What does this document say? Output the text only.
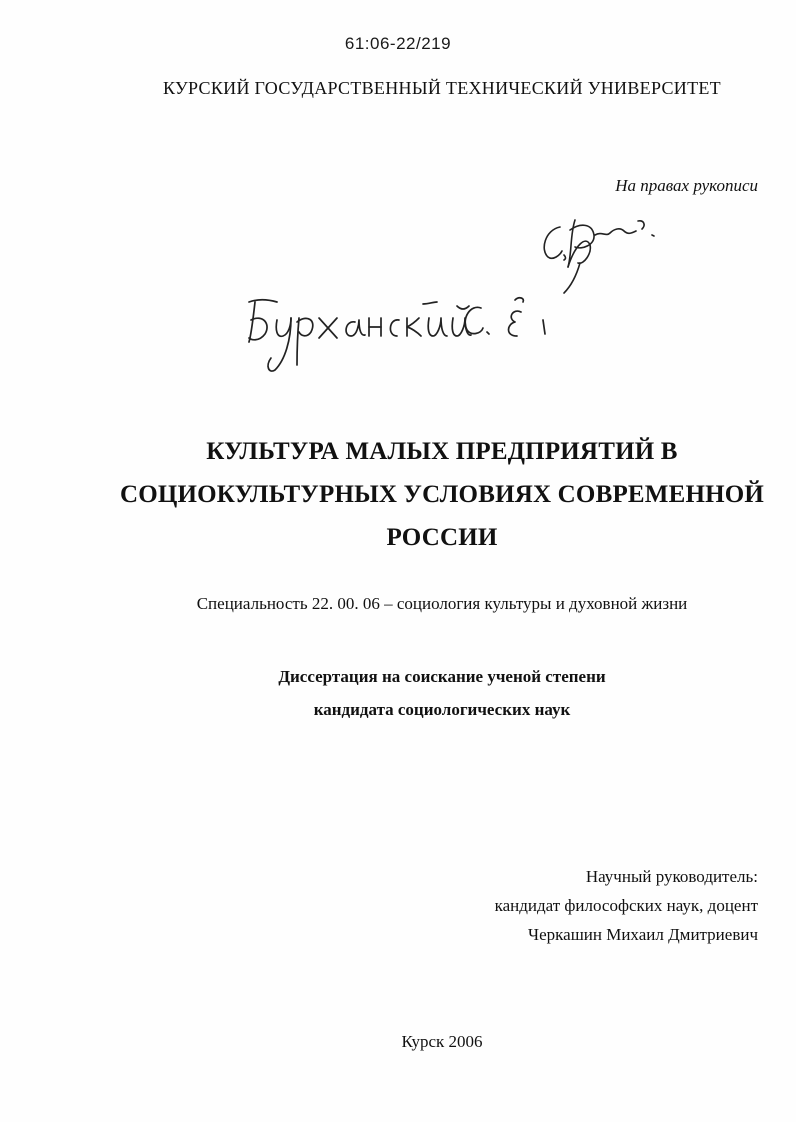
61:06-22/219
КУРСКИЙ ГОСУДАРСТВЕННЫЙ ТЕХНИЧЕСКИЙ УНИВЕРСИТЕТ
На правах рукописи
КУЛЬТУРА МАЛЫХ ПРЕДПРИЯТИЙ В
СОЦИОКУЛЬТУРНЫХ УСЛОВИЯХ СОВРЕМЕННОЙ
РОССИИ
Специальность 22. 00. 06 – социология культуры и духовной жизни
Диссертация на соискание ученой степени
кандидата социологических наук
Научный руководитель:
кандидат философских наук, доцент
Черкашин Михаил Дмитриевич
Курск 2006
